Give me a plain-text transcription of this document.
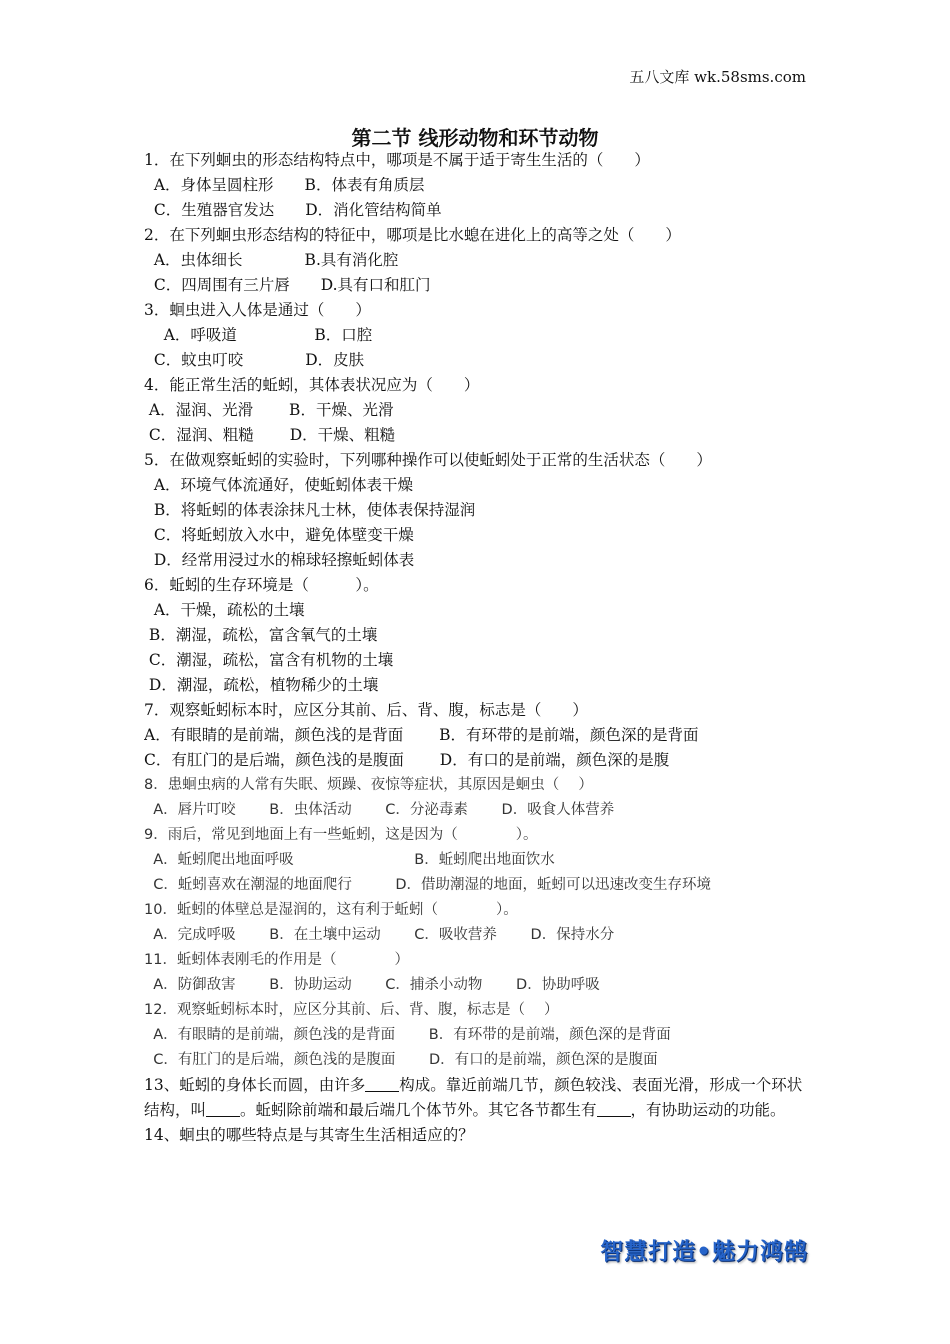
五八文库 wk.58sms.com
第二节 线形动物和环节动物
1．在下列蛔虫的形态结构特点中，哪项是不属于适于寄生生活的（　　）
A．身体呈圆柱形　　B．体表有角质层
C．生殖器官发达　　D．消化管结构简单
2．在下列蛔虫形态结构的特征中，哪项是比水螅在进化上的高等之处（　　）
A．虫体细长　　　　B.具有消化腔
C．四周围有三片唇　　D.具有口和肛门
3．蛔虫进入人体是通过（　　）
A．呼吸道　　　　　B．口腔
C．蚊虫叮咬　　　　D．皮肤
4．能正常生活的蚯蚓，其体表状况应为（　　）
A．湿润、光滑　　 B．干燥、光滑
C．湿润、粗糙　　 D．干燥、粗糙
5．在做观察蚯蚓的实验时，下列哪种操作可以使蚯蚓处于正常的生活状态（　　）
A．环境气体流通好，使蚯蚓体表干燥
B．将蚯蚓的体表涂抹凡士林，使体表保持湿润
C．将蚯蚓放入水中，避免体壁变干燥
D．经常用浸过水的棉球轻擦蚯蚓体表
6．蚯蚓的生存环境是（　　　）。
A．干燥，疏松的土壤
B．潮湿，疏松，富含氧气的土壤
C．潮湿，疏松，富含有机物的土壤
D．潮湿，疏松，植物稀少的土壤
7．观察蚯蚓标本时，应区分其前、后、背、腹，标志是（　　）
A．有眼睛的是前端，颜色浅的是背面　　 B．有环带的是前端，颜色深的是背面
C．有肛门的是后端，颜色浅的是腹面　　 D．有口的是前端，颜色深的是腹
8．患蛔虫病的人常有失眠、烦躁、夜惊等症状，其原因是蛔虫（　 ）
A．唇片叮咬　　 B．虫体活动　　 C．分泌毒素　　 D．吸食人体营养
9．雨后，常见到地面上有一些蚯蚓，这是因为（　　　　）。
A．蚯蚓爬出地面呼吸　　　　　　　　 B．蚯蚓爬出地面饮水
C．蚯蚓喜欢在潮湿的地面爬行　　　D．借助潮湿的地面，蚯蚓可以迅速改变生存环境
10．蚯蚓的体壁总是湿润的，这有利于蚯蚓（　　　　）。
A．完成呼吸　　 B．在土壤中运动　　 C．吸收营养　　 D．保持水分
11．蚯蚓体表刚毛的作用是（　　　　）
A．防御敌害　　 B．协助运动　　 C．捕杀小动物　　 D．协助呼吸
12．观察蚯蚓标本时，应区分其前、后、背、腹，标志是（　 ）
A．有眼睛的是前端，颜色浅的是背面　　 B．有环带的是前端，颜色深的是背面
C．有肛门的是后端，颜色浅的是腹面　　 D．有口的是前端，颜色深的是腹面
13、蚯蚓的身体长而圆，由许多 构成。靠近前端几节，颜色较浅、表面光滑，形成一个环状结构，叫 。蚯蚓除前端和最后端几个体节外。其它各节都生有 ，有协助运动的功能。
14、蛔虫的哪些特点是与其寄生生活相适应的？
智慧打造•魅力鸿鹄
